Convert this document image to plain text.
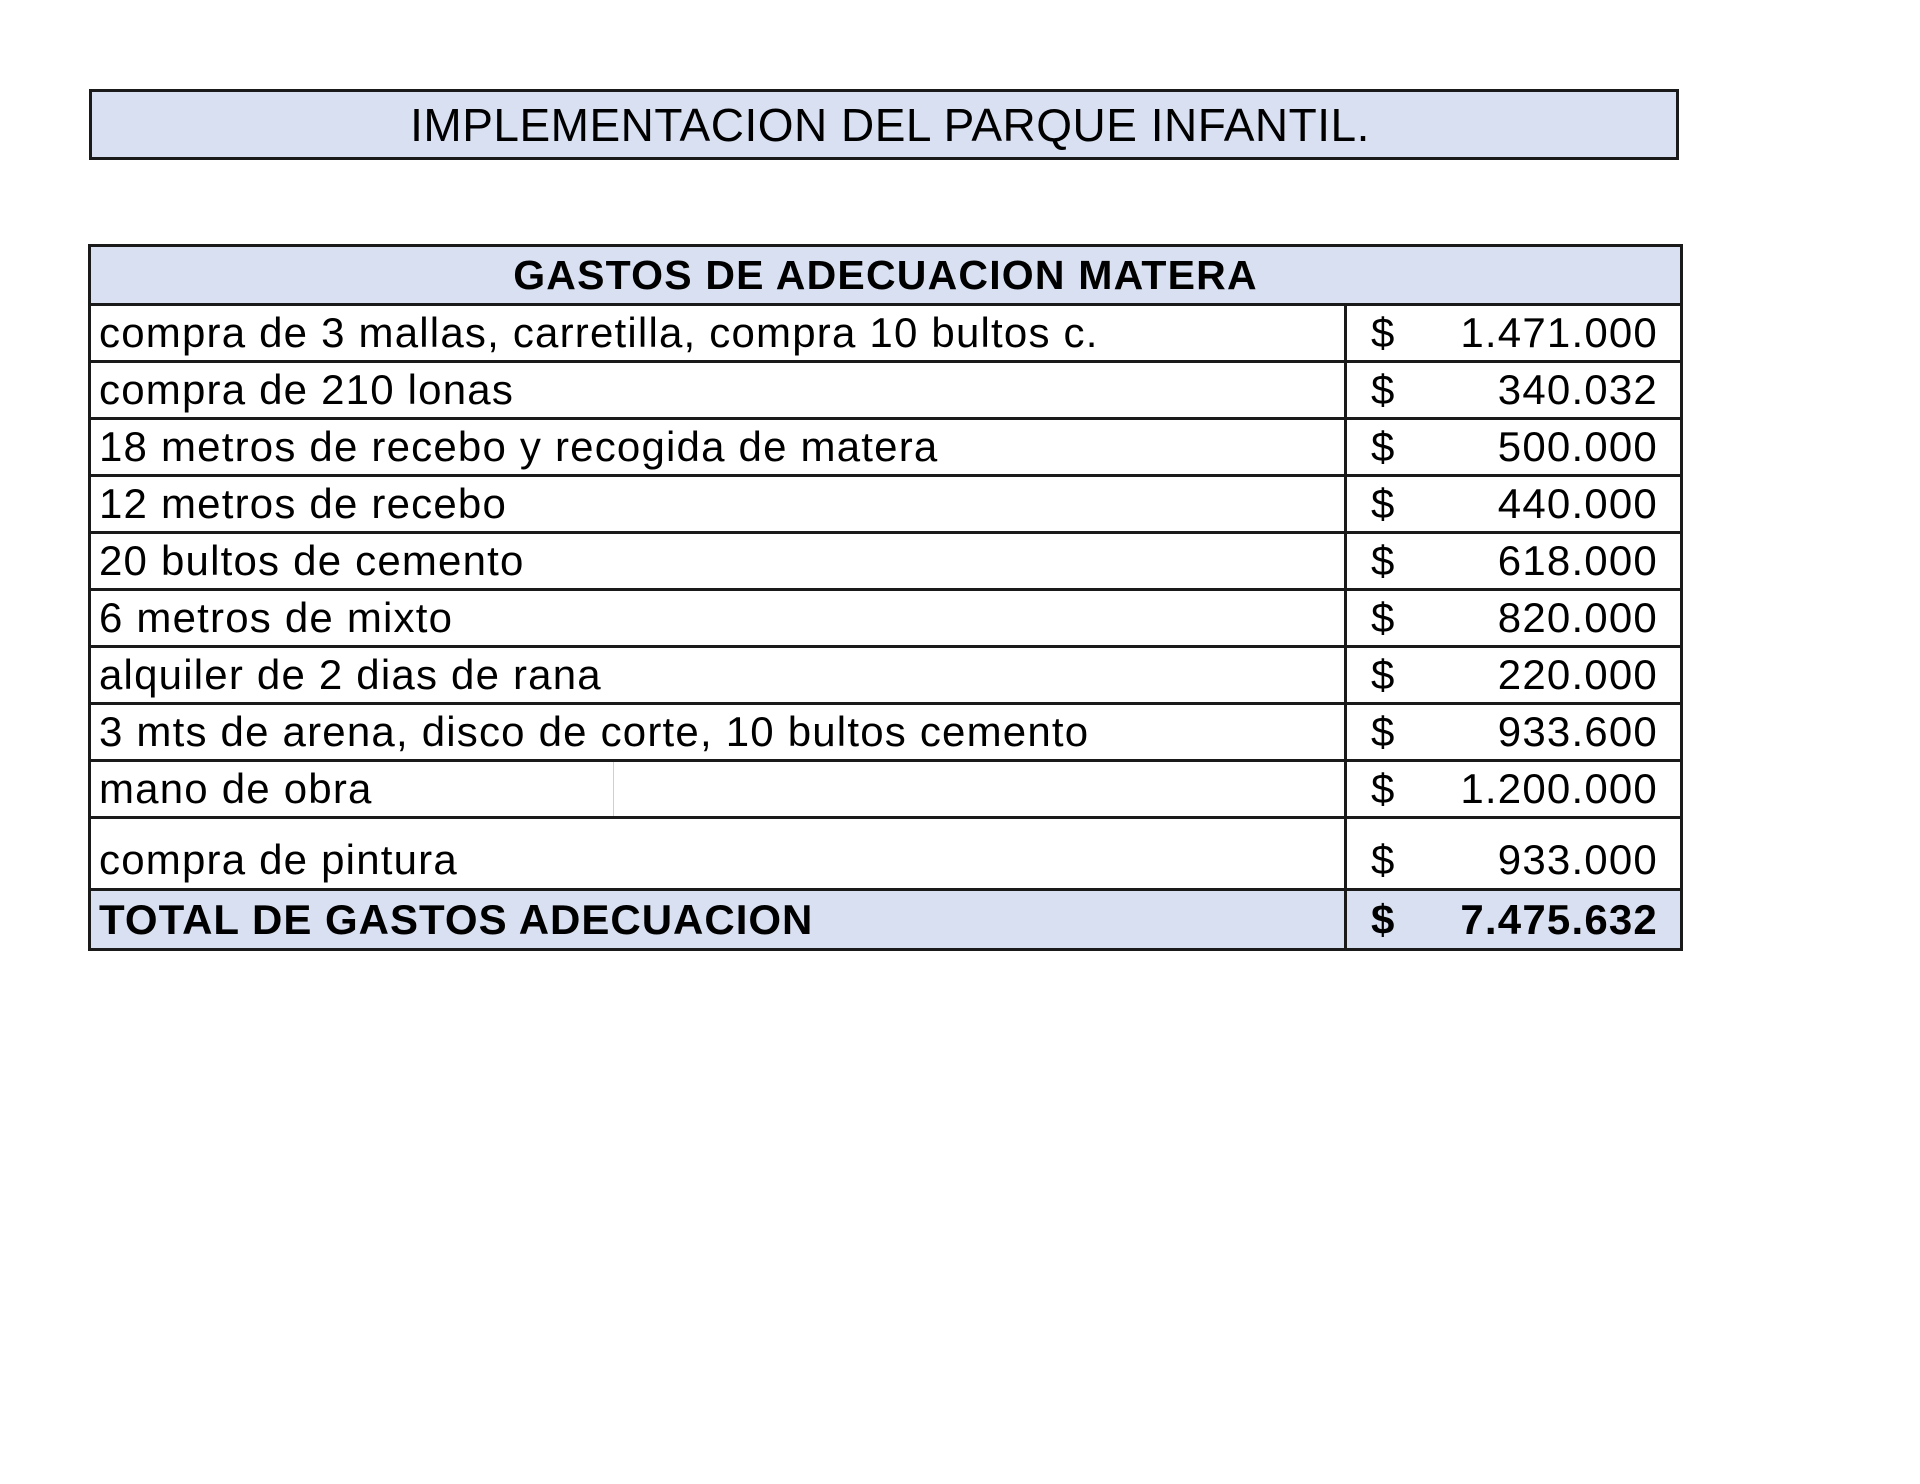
IMPLEMENTACION DEL PARQUE INFANTIL.
GASTOS DE ADECUACION MATERA	
compra de 3 mallas, carretilla, compra 10 bultos c.	$ 1.471.000

compra de 210 lonas	$ 340.032

18 metros de recebo y recogida de matera	$ 500.000

12 metros de recebo	$ 440.000

20 bultos de cemento	$ 618.000

6 metros de mixto	$ 820.000

alquiler de 2 dias de rana	$ 220.000

3 mts de arena, disco de corte, 10 bultos cemento	$ 933.600

mano de obra	$ 1.200.000

compra de pintura	$ 933.000

TOTAL DE GASTOS ADECUACION	$ 7.475.632
